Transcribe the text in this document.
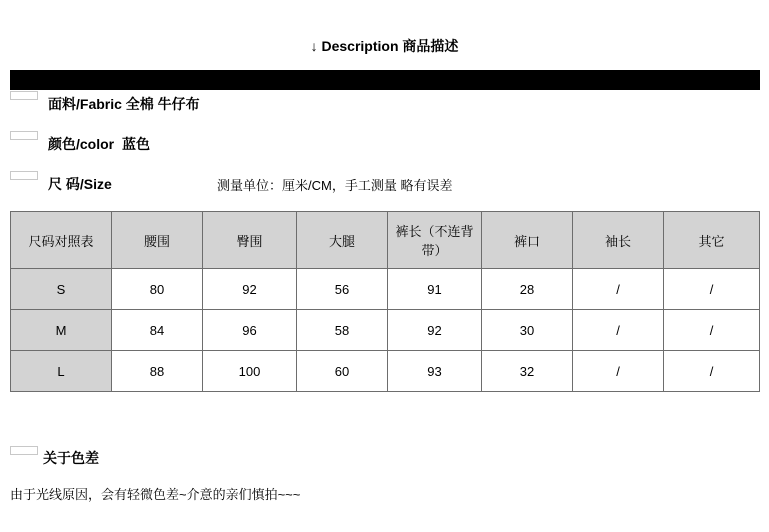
↓ Description 商品描述
面料/Fabric 全棉 牛仔布
颜色/color 蓝色
尺 码/Size	测量单位：厘米/CM，手工测量 略有误差
尺码对照表	腰围	臀围	大腿	裤长（不连背带）	裤口	袖长	其它
S	80	92	56	91	28	/	/
M	84	96	58	92	30	/	/
L	88	100	60	93	32	/	/
关于色差
由于光线原因，会有轻微色差~介意的亲们慎拍~~~
